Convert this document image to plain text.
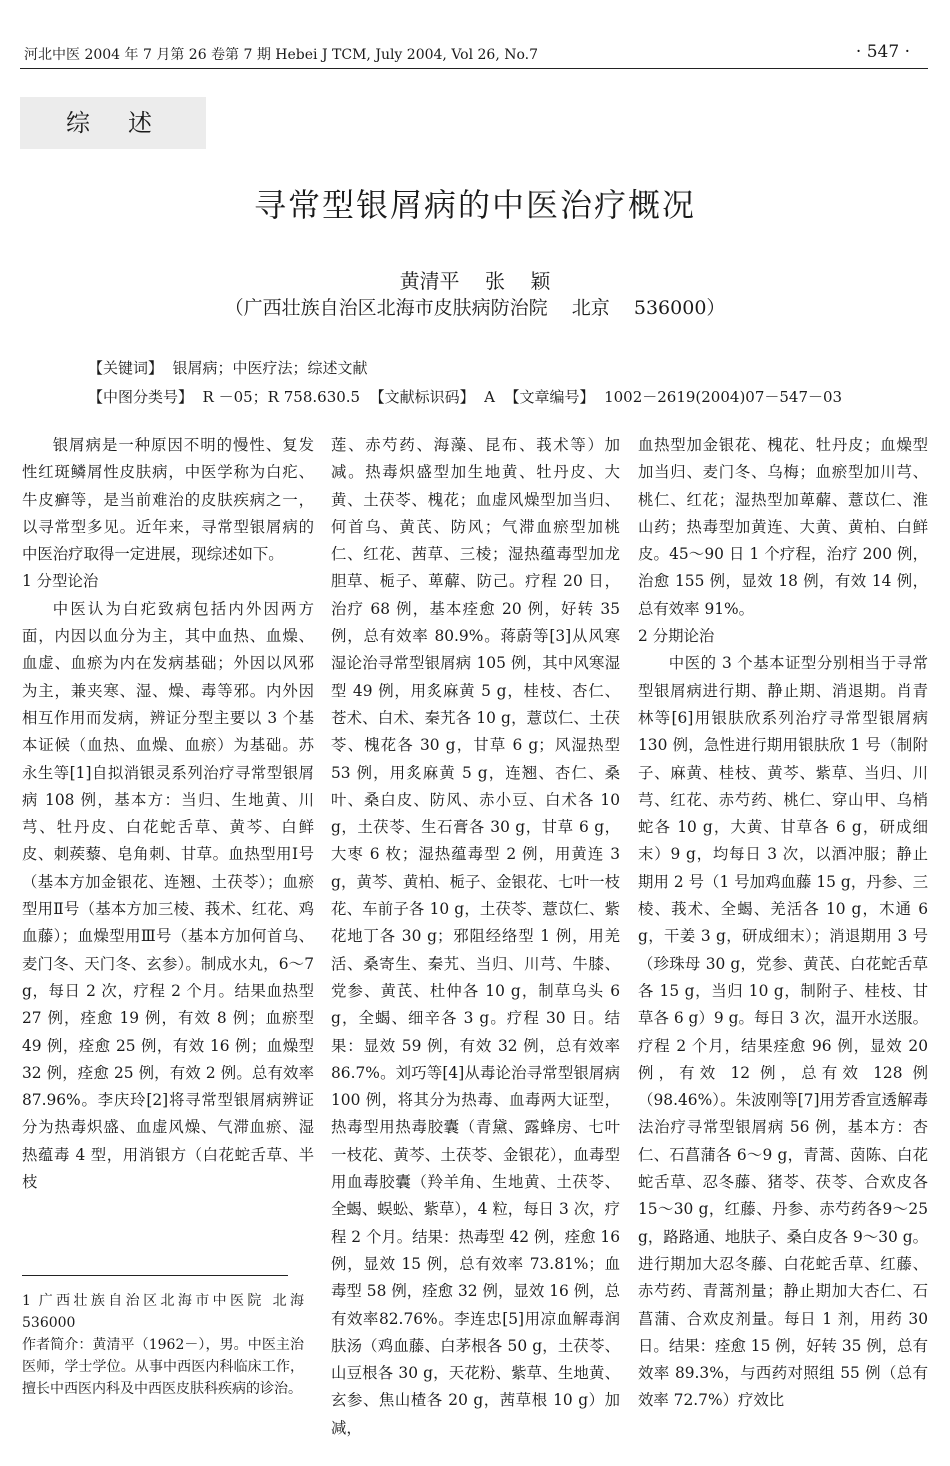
河北中医 2004 年 7 月第 26 卷第 7 期 Hebei J TCM, July 2004, Vol 26, No.7	· 547 ·
综述
寻常型银屑病的中医治疗概况
黄清平    张    颖
（广西壮族自治区北海市皮肤病防治院    北京    536000）
【关键词】  银屑病；中医疗法；综述文献
【中图分类号】  R －05；R 758.630.5  【文献标识码】  A  【文章编号】  1002－2619(2004)07－547－03

银屑病是一种原因不明的慢性、复发性红斑鳞屑性皮肤病，中医学称为白疕、牛皮癣等，是当前难治的皮肤疾病之一，以寻常型多见。近年来，寻常型银屑病的中医治疗取得一定进展，现综述如下。

1 分型论治

中医认为白疕致病包括内外因两方面，内因以血分为主，其中血热、血燥、血虚、血瘀为内在发病基础；外因以风邪为主，兼夹寒、湿、燥、毒等邪。内外因相互作用而发病，辨证分型主要以 3 个基本证候（血热、血燥、血瘀）为基础。苏永生等[1]自拟消银灵系列治疗寻常型银屑病 108 例，基本方：当归、生地黄、川芎、牡丹皮、白花蛇舌草、黄芩、白鲜皮、刺蒺藜、皂角刺、甘草。血热型用Ⅰ号（基本方加金银花、连翘、土茯苓）；血瘀型用Ⅱ号（基本方加三棱、莪术、红花、鸡血藤）；血燥型用Ⅲ号（基本方加何首乌、麦门冬、天门冬、玄参）。制成水丸，6～7 g，每日 2 次，疗程 2 个月。结果血热型 27 例，痊愈 19 例，有效 8 例；血瘀型 49 例，痊愈 25 例，有效 16 例；血燥型 32 例，痊愈 25 例，有效 2 例。总有效率 87.96%。李庆玲[2]将寻常型银屑病辨证分为热毒炽盛、血虚风燥、气滞血瘀、湿热蕴毒 4 型，用消银方（白花蛇舌草、半枝

莲、赤芍药、海藻、昆布、莪术等）加减。热毒炽盛型加生地黄、牡丹皮、大黄、土茯苓、槐花；血虚风燥型加当归、何首乌、黄芪、防风；气滞血瘀型加桃仁、红花、茜草、三棱；湿热蕴毒型加龙胆草、栀子、萆薢、防己。疗程 20 日，治疗 68 例，基本痊愈 20 例，好转 35 例，总有效率 80.9%。蒋蔚等[3]从风寒湿论治寻常型银屑病 105 例，其中风寒湿型 49 例，用炙麻黄 5 g，桂枝、杏仁、苍术、白术、秦艽各 10 g，薏苡仁、土茯苓、槐花各 30 g，甘草 6 g；风湿热型 53 例，用炙麻黄 5 g，连翘、杏仁、桑叶、桑白皮、防风、赤小豆、白术各 10 g，土茯苓、生石膏各 30 g，甘草 6 g，大枣 6 枚；湿热蕴毒型 2 例，用黄连 3 g，黄芩、黄柏、栀子、金银花、七叶一枝花、车前子各 10 g，土茯苓、薏苡仁、紫花地丁各 30 g；邪阻经络型 1 例，用羌活、桑寄生、秦艽、当归、川芎、牛膝、党参、黄芪、杜仲各 10 g，制草乌头 6 g，全蝎、细辛各 3 g。疗程 30 日。结果：显效 59 例，有效 32 例，总有效率 86.7%。刘巧等[4]从毒论治寻常型银屑病 100 例，将其分为热毒、血毒两大证型，热毒型用热毒胶囊（青黛、露蜂房、七叶一枝花、黄芩、土茯苓、金银花），血毒型用血毒胶囊（羚羊角、生地黄、土茯苓、全蝎、蜈蚣、紫草），4 粒，每日 3 次，疗程 2 个月。结果：热毒型 42 例，痊愈 16 例，显效 15 例，总有效率 73.81%；血毒型 58 例，痊愈 32 例，显效 16 例，总有效率82.76%。李连忠[5]用凉血解毒润肤汤（鸡血藤、白茅根各 50 g，土茯苓、山豆根各 30 g，天花粉、紫草、生地黄、玄参、焦山楂各 20 g，茜草根 10 g）加减，

血热型加金银花、槐花、牡丹皮；血燥型加当归、麦门冬、乌梅；血瘀型加川芎、桃仁、红花；湿热型加萆薢、薏苡仁、淮山药；热毒型加黄连、大黄、黄柏、白鲜皮。45～90 日 1 个疗程，治疗 200 例，治愈 155 例，显效 18 例，有效 14 例，总有效率 91%。

2 分期论治

中医的 3 个基本证型分别相当于寻常型银屑病进行期、静止期、消退期。肖青林等[6]用银肤欣系列治疗寻常型银屑病 130 例，急性进行期用银肤欣 1 号（制附子、麻黄、桂枝、黄芩、紫草、当归、川芎、红花、赤芍药、桃仁、穿山甲、乌梢蛇各 10 g，大黄、甘草各 6 g，研成细末）9 g，均每日 3 次，以酒冲服；静止期用 2 号（1 号加鸡血藤 15 g，丹参、三棱、莪术、全蝎、羌活各 10 g，木通 6 g，干姜 3 g，研成细末）；消退期用 3 号（珍珠母 30 g，党参、黄芪、白花蛇舌草各 15 g，当归 10 g，制附子、桂枝、甘草各 6 g）9 g。每日 3 次，温开水送服。疗程 2 个月，结果痊愈 96 例，显效 20 例，有效 12 例，总有效 128 例（98.46%）。朱波刚等[7]用芳香宣透解毒法治疗寻常型银屑病 56 例，基本方：杏仁、石菖蒲各 6～9 g，青蒿、茵陈、白花蛇舌草、忍冬藤、猪苓、茯苓、合欢皮各 15～30 g，红藤、丹参、赤芍药各9～25 g，路路通、地肤子、桑白皮各 9～30 g。进行期加大忍冬藤、白花蛇舌草、红藤、赤芍药、青蒿剂量；静止期加大杏仁、石菖蒲、合欢皮剂量。每日 1 剂，用药 30 日。结果：痊愈 15 例，好转 35 例，总有效率 89.3%，与西药对照组 55 例（总有效率 72.7%）疗效比

1 广西壮族自治区北海市中医院 北海 536000

作者简介：黄清平（1962－），男。中医主治医师，学士学位。从事中西医内科临床工作，擅长中西医内科及中西医皮肤科疾病的诊治。
